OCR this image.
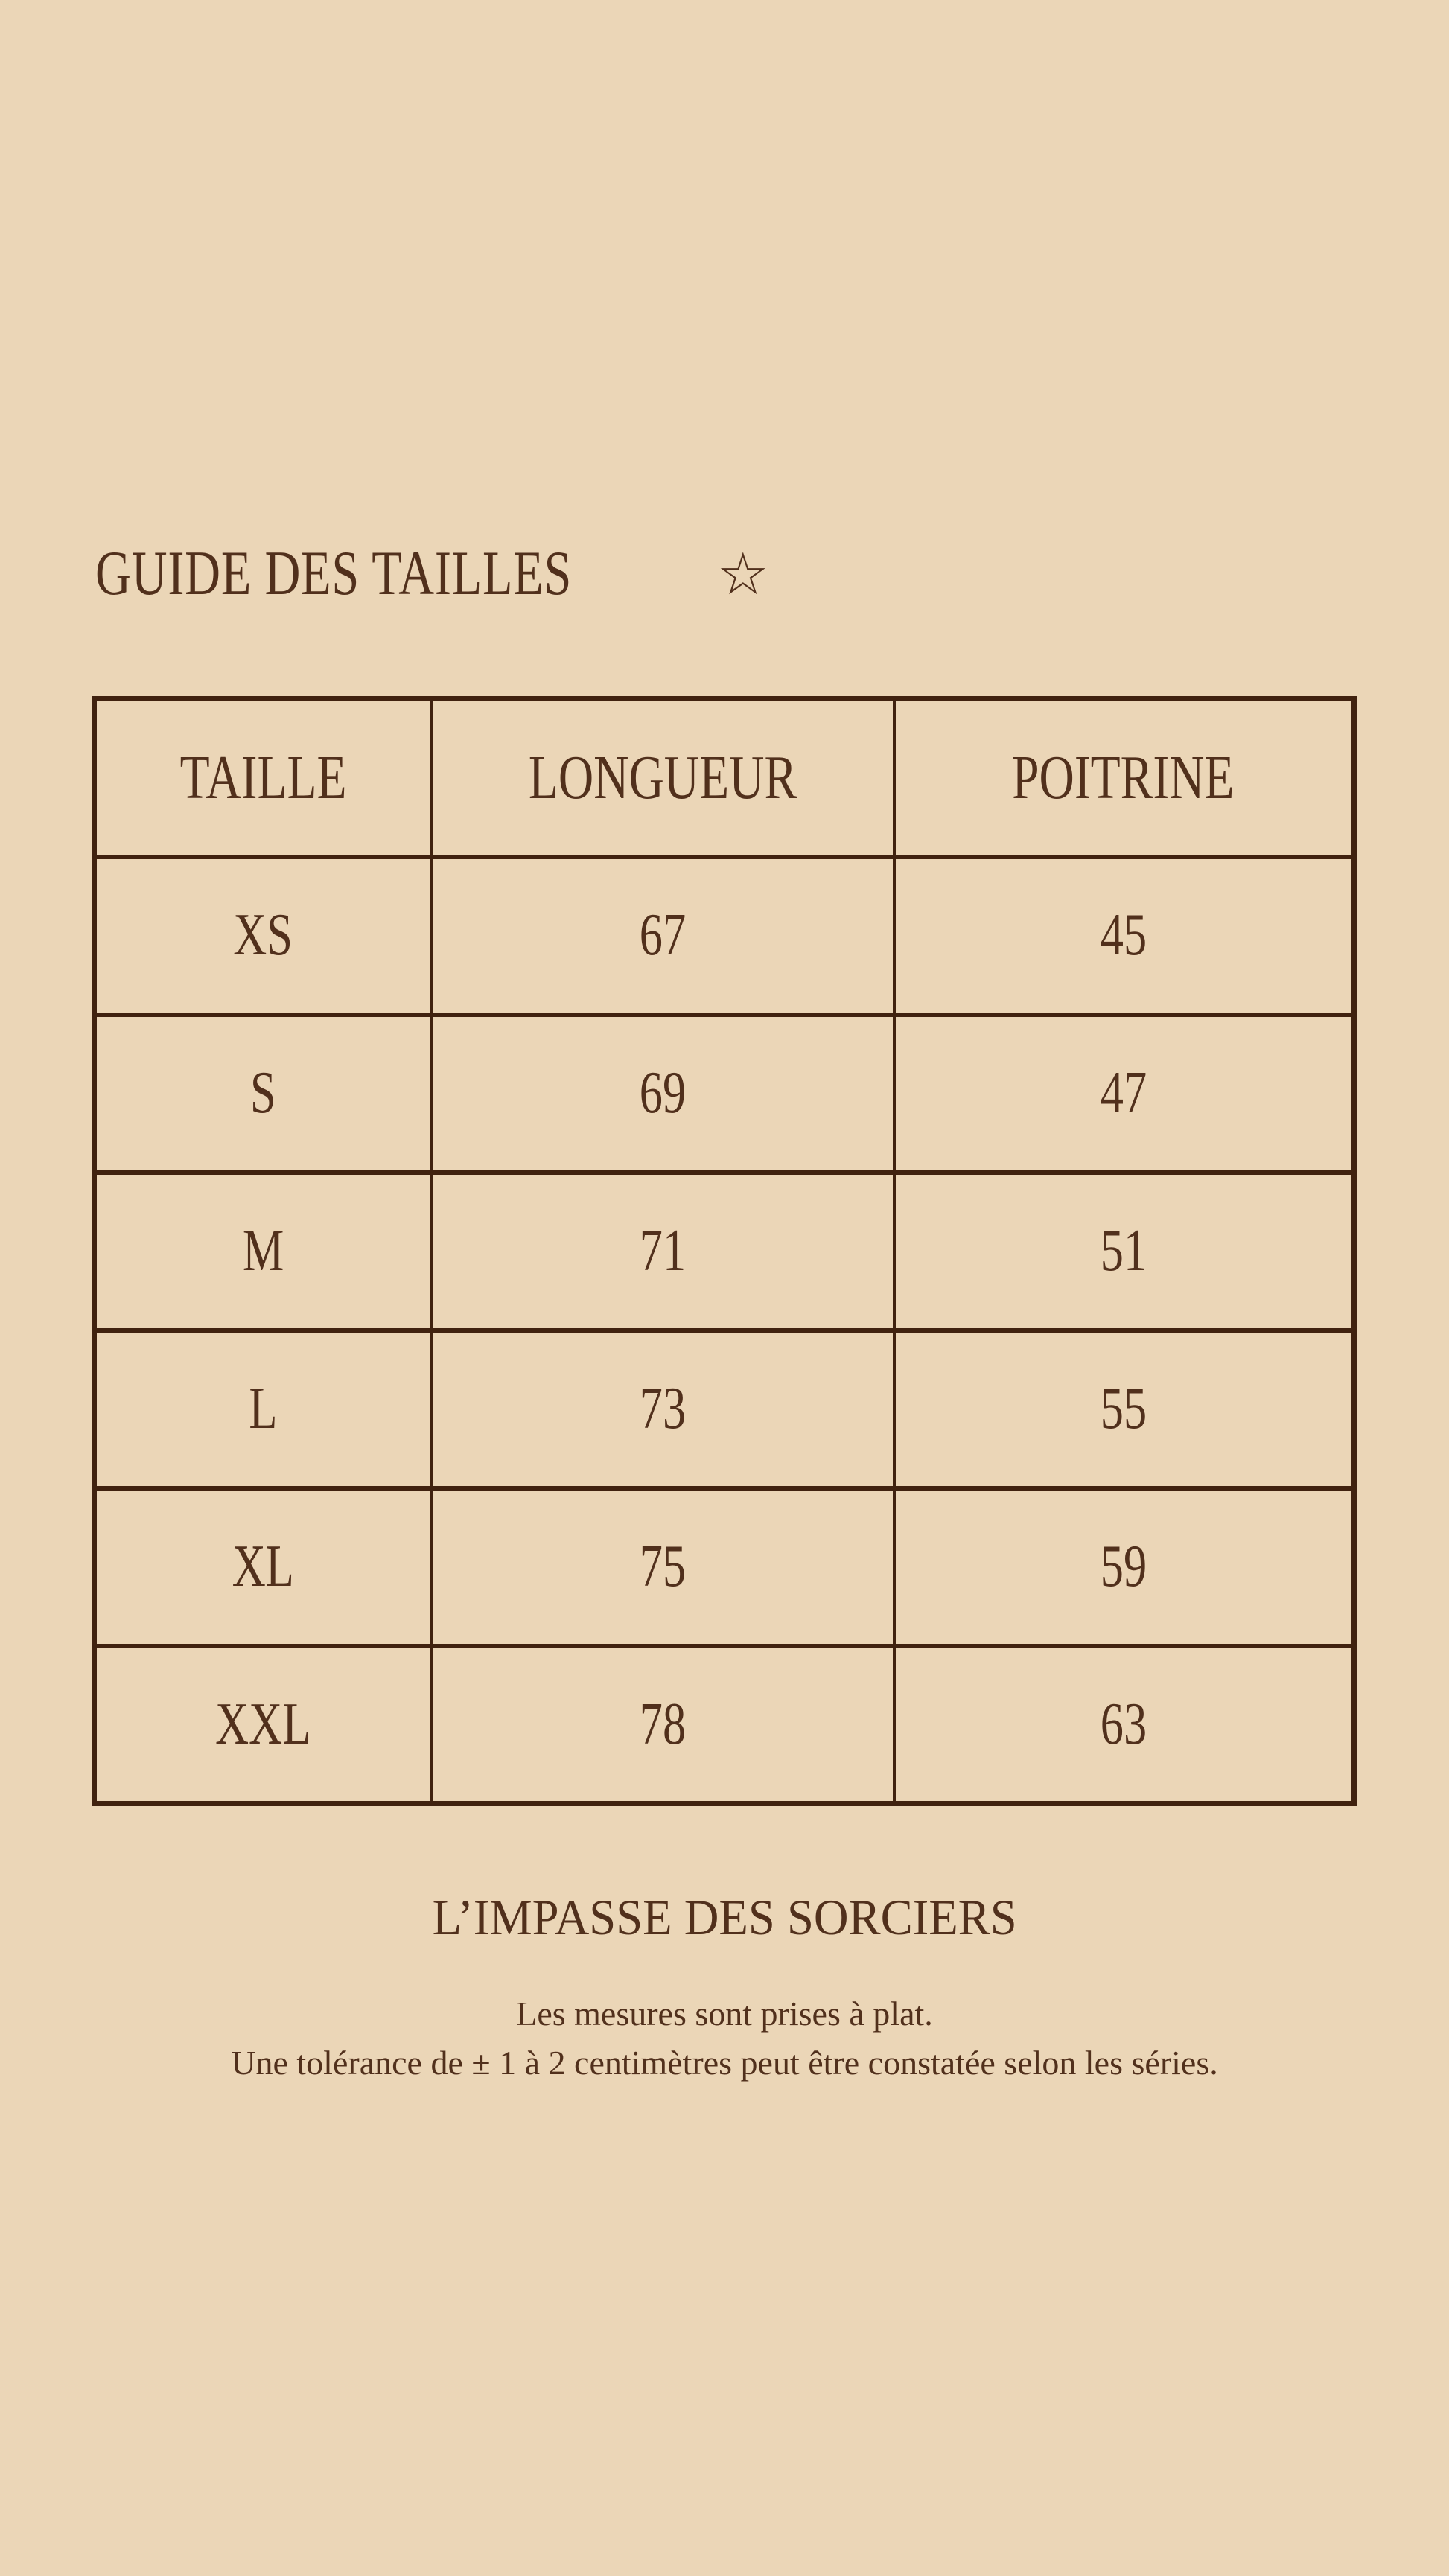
GUIDE DES TAILLES ☆
TAILLE	LONGUEUR	POITRINE
XS	67	45
S	69	47
M	71	51
L	73	55
XL	75	59
XXL	78	63
L’IMPASSE DES SORCIERS
Les mesures sont prises à plat.
Une tolérance de ± 1 à 2 centimètres peut être constatée selon les séries.
